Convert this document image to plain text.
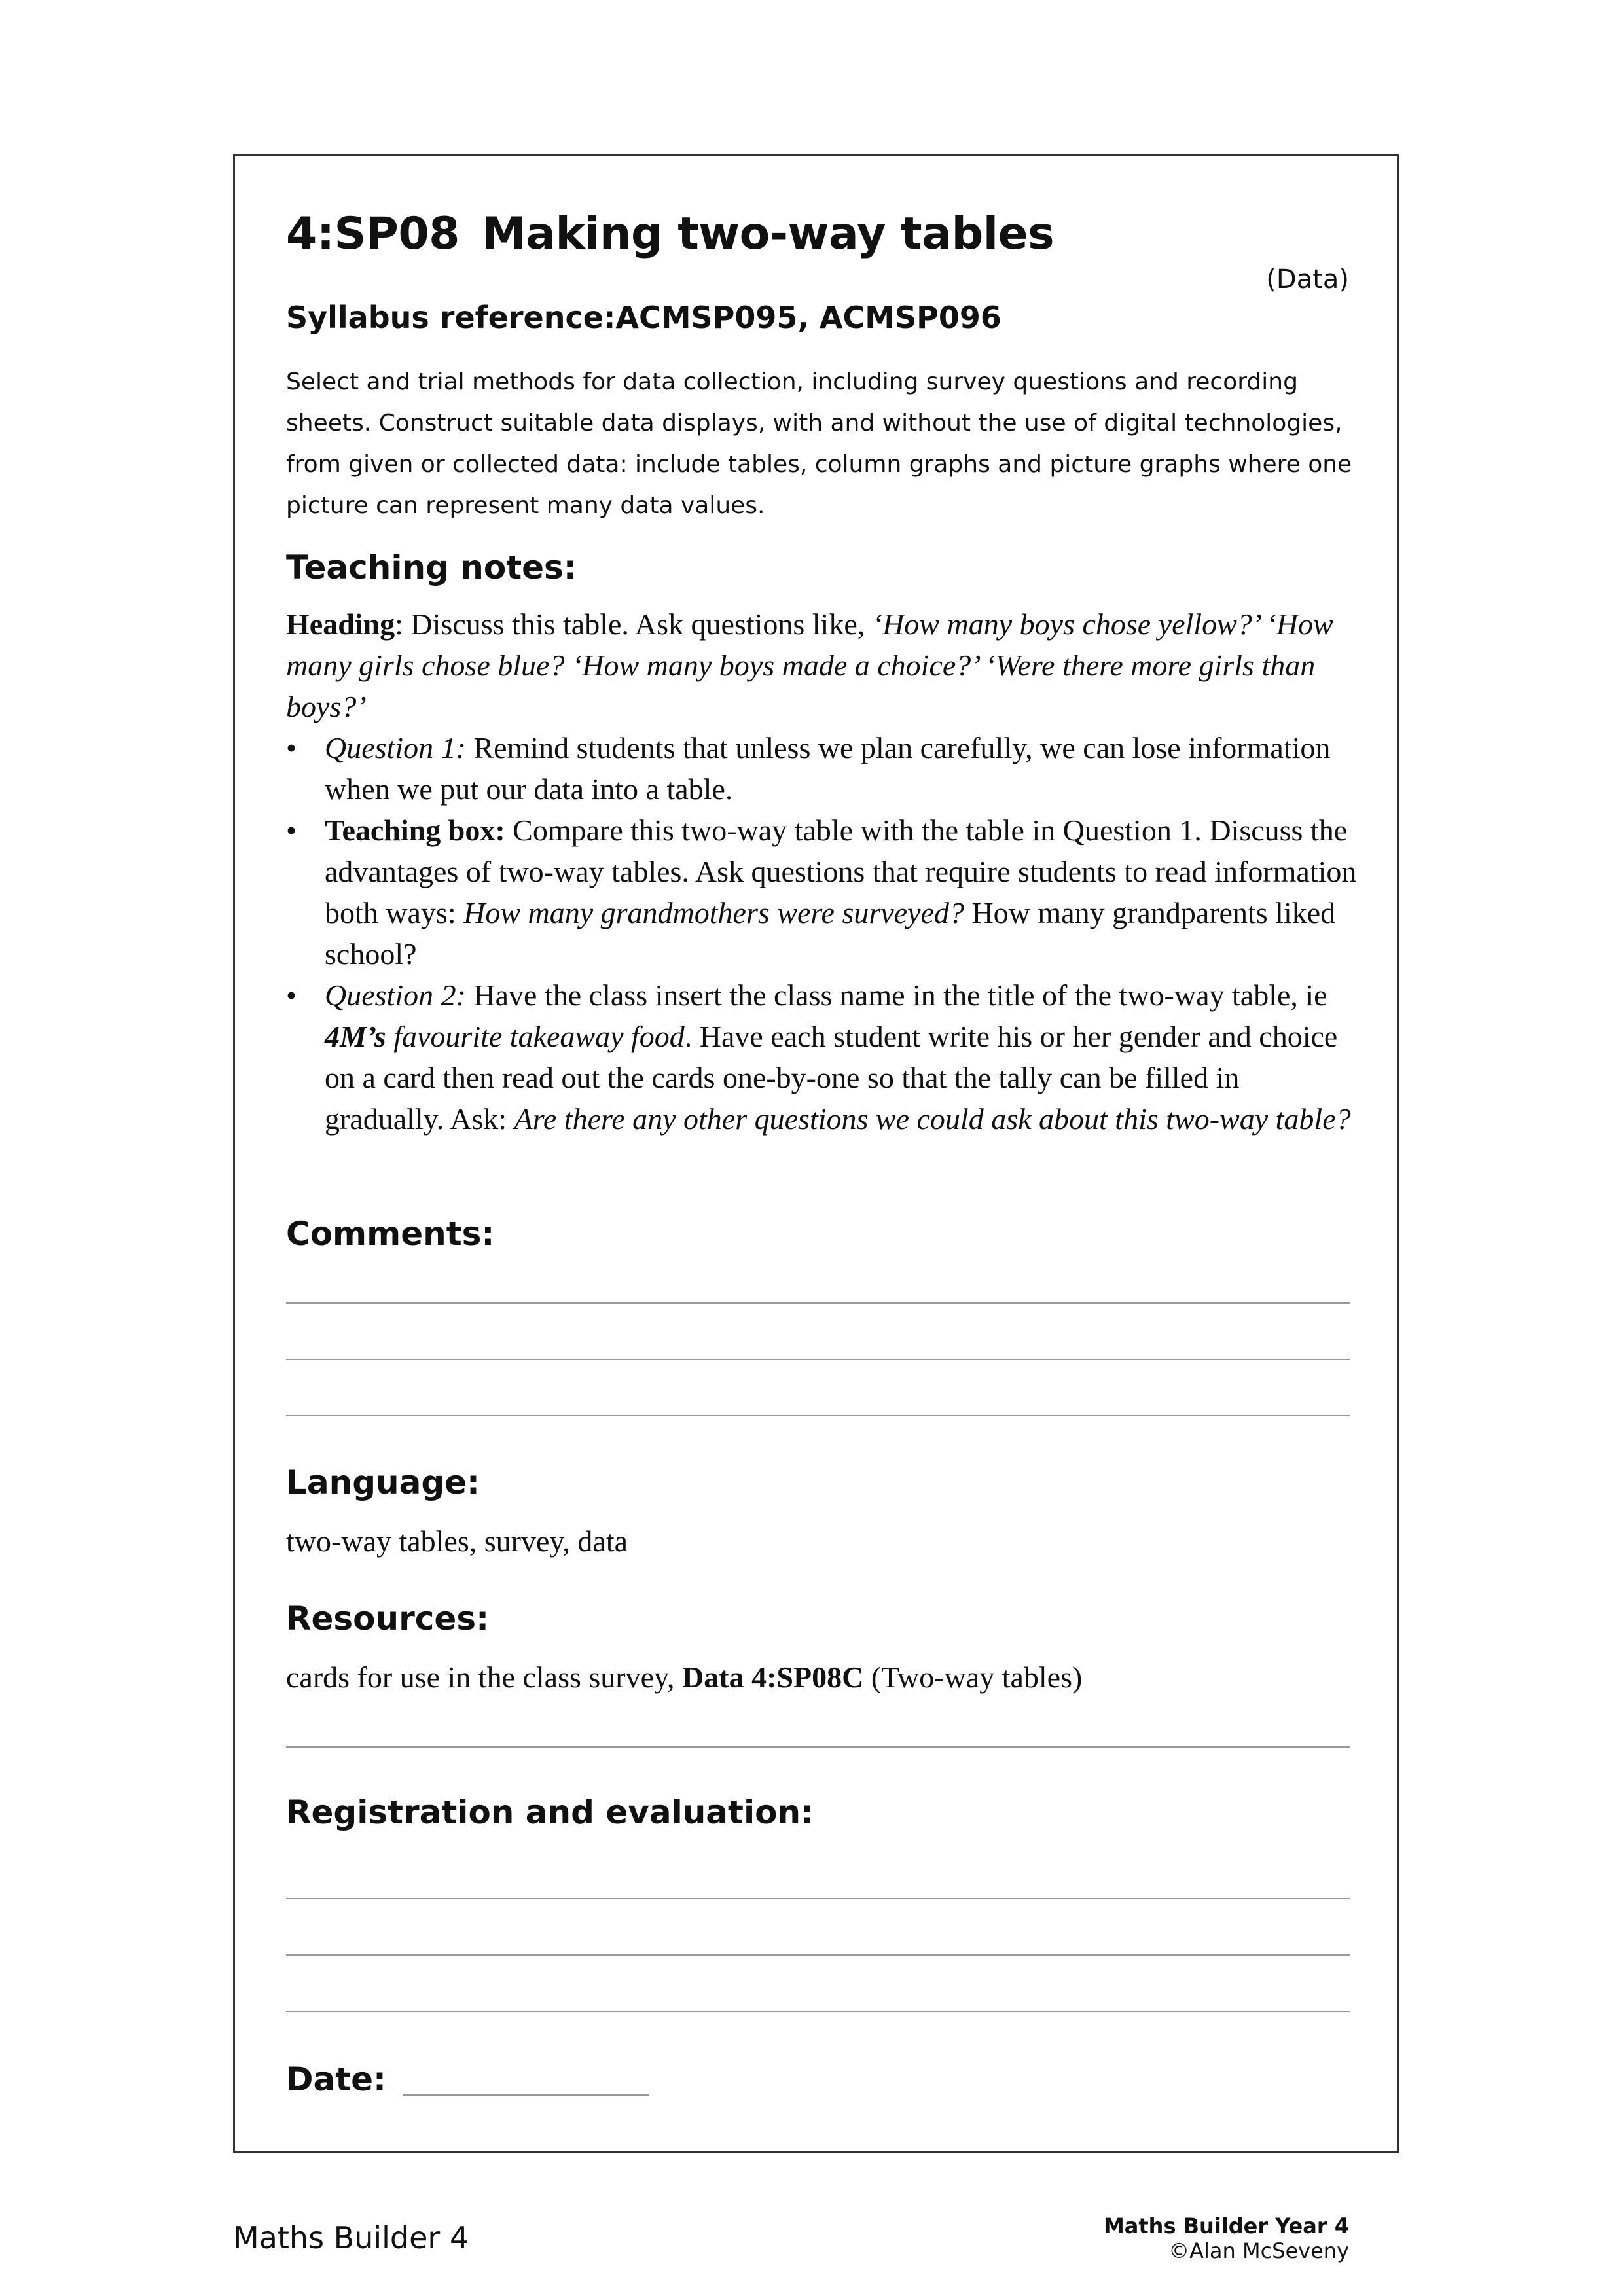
4:SP08 Making two-way tables
(Data)
Syllabus reference:ACMSP095, ACMSP096
Select and trial methods for data collection, including survey questions and recording sheets. Construct suitable data displays, with and without the use of digital technologies, from given or collected data: include tables, column graphs and picture graphs where one picture can represent many data values.
Teaching notes:

Heading: Discuss this table. Ask questions like, ‘How many boys chose yellow?’ ‘How many girls chose blue? ‘How many boys made a choice?’ ‘Were there more girls than boys?’

• Question 1: Remind students that unless we plan carefully, we can lose information when we put our data into a table.
• Teaching box: Compare this two-way table with the table in Question 1. Discuss the advantages of two-way tables. Ask questions that require students to read information both ways: How many grandmothers were surveyed? How many grandparents liked school?
• Question 2: Have the class insert the class name in the title of the two-way table, ie 4M’s favourite takeaway food. Have each student write his or her gender and choice on a card then read out the cards one-by-one so that the tally can be filled in gradually. Ask: Are there any other questions we could ask about this two-way table?
Comments:
Language:
two-way tables, survey, data
Resources:
cards for use in the class survey, Data 4:SP08C (Two-way tables)
Registration and evaluation:
Date:
Maths Builder 4	Maths Builder Year 4
©Alan McSeveny
